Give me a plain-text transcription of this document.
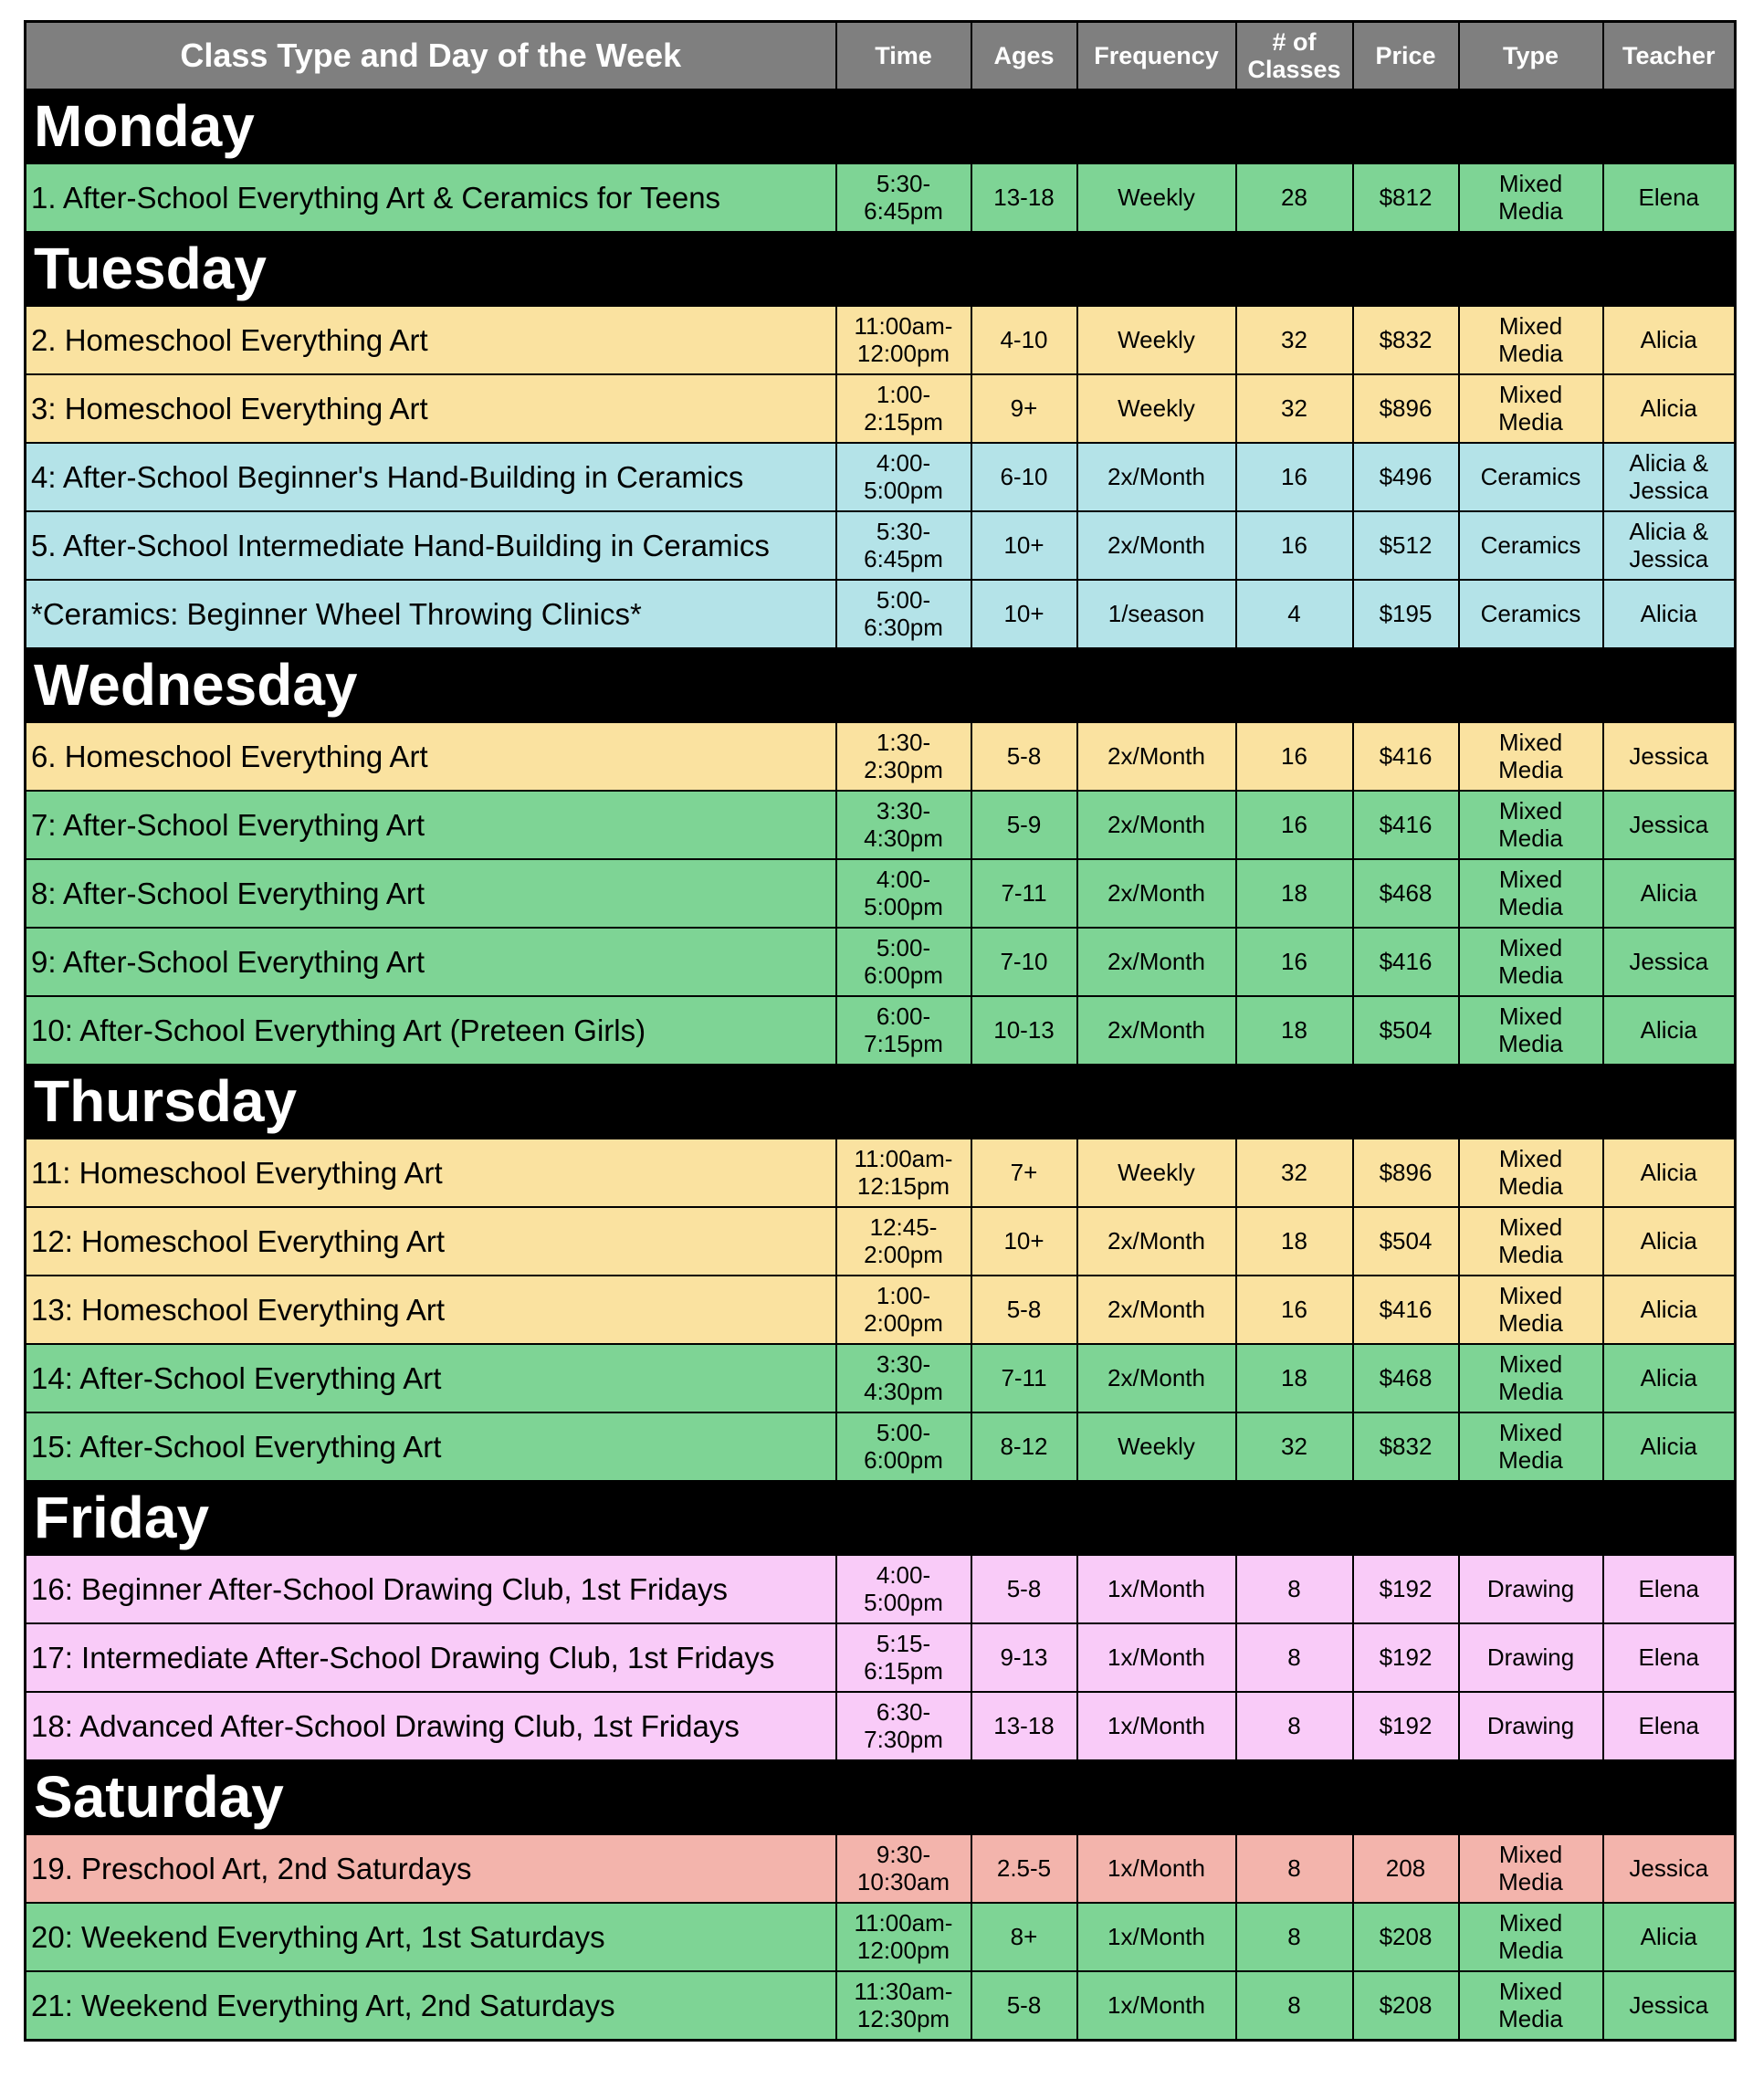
Class Type and Day of the Week	Time	Ages	Frequency	# of
Classes	Price	Type	Teacher
Monday							
1. After-School Everything Art & Ceramics for Teens	5:30-
6:45pm	13-18	Weekly	28	$812	Mixed
Media	Elena
Tuesday							
2. Homeschool Everything Art	11:00am-
12:00pm	4-10	Weekly	32	$832	Mixed
Media	Alicia
3: Homeschool Everything Art	1:00-
2:15pm	9+	Weekly	32	$896	Mixed
Media	Alicia
4: After-School Beginner's Hand-Building in Ceramics	4:00-
5:00pm	6-10	2x/Month	16	$496	Ceramics	Alicia &
Jessica
5. After-School Intermediate Hand-Building in Ceramics	5:30-
6:45pm	10+	2x/Month	16	$512	Ceramics	Alicia &
Jessica
*Ceramics: Beginner Wheel Throwing Clinics*	5:00-
6:30pm	10+	1/season	4	$195	Ceramics	Alicia
Wednesday							
6. Homeschool Everything Art	1:30-
2:30pm	5-8	2x/Month	16	$416	Mixed
Media	Jessica
7: After-School Everything Art	3:30-
4:30pm	5-9	2x/Month	16	$416	Mixed
Media	Jessica
8: After-School Everything Art	4:00-
5:00pm	7-11	2x/Month	18	$468	Mixed
Media	Alicia
9: After-School Everything Art	5:00-
6:00pm	7-10	2x/Month	16	$416	Mixed
Media	Jessica
10: After-School Everything Art (Preteen Girls)	6:00-
7:15pm	10-13	2x/Month	18	$504	Mixed
Media	Alicia
Thursday							
11: Homeschool Everything Art	11:00am-
12:15pm	7+	Weekly	32	$896	Mixed
Media	Alicia
12: Homeschool Everything Art	12:45-
2:00pm	10+	2x/Month	18	$504	Mixed
Media	Alicia
13: Homeschool Everything Art	1:00-
2:00pm	5-8	2x/Month	16	$416	Mixed
Media	Alicia
14: After-School Everything Art	3:30-
4:30pm	7-11	2x/Month	18	$468	Mixed
Media	Alicia
15: After-School Everything Art	5:00-
6:00pm	8-12	Weekly	32	$832	Mixed
Media	Alicia
Friday							
16: Beginner After-School Drawing Club, 1st Fridays	4:00-
5:00pm	5-8	1x/Month	8	$192	Drawing	Elena
17: Intermediate After-School Drawing Club, 1st Fridays	5:15-
6:15pm	9-13	1x/Month	8	$192	Drawing	Elena
18: Advanced After-School Drawing Club, 1st Fridays	6:30-
7:30pm	13-18	1x/Month	8	$192	Drawing	Elena
Saturday							
19. Preschool Art, 2nd Saturdays	9:30-
10:30am	2.5-5	1x/Month	8	208	Mixed
Media	Jessica
20: Weekend Everything Art, 1st Saturdays	11:00am-
12:00pm	8+	1x/Month	8	$208	Mixed
Media	Alicia
21: Weekend Everything Art, 2nd Saturdays	11:30am-
12:30pm	5-8	1x/Month	8	$208	Mixed
Media	Jessica
